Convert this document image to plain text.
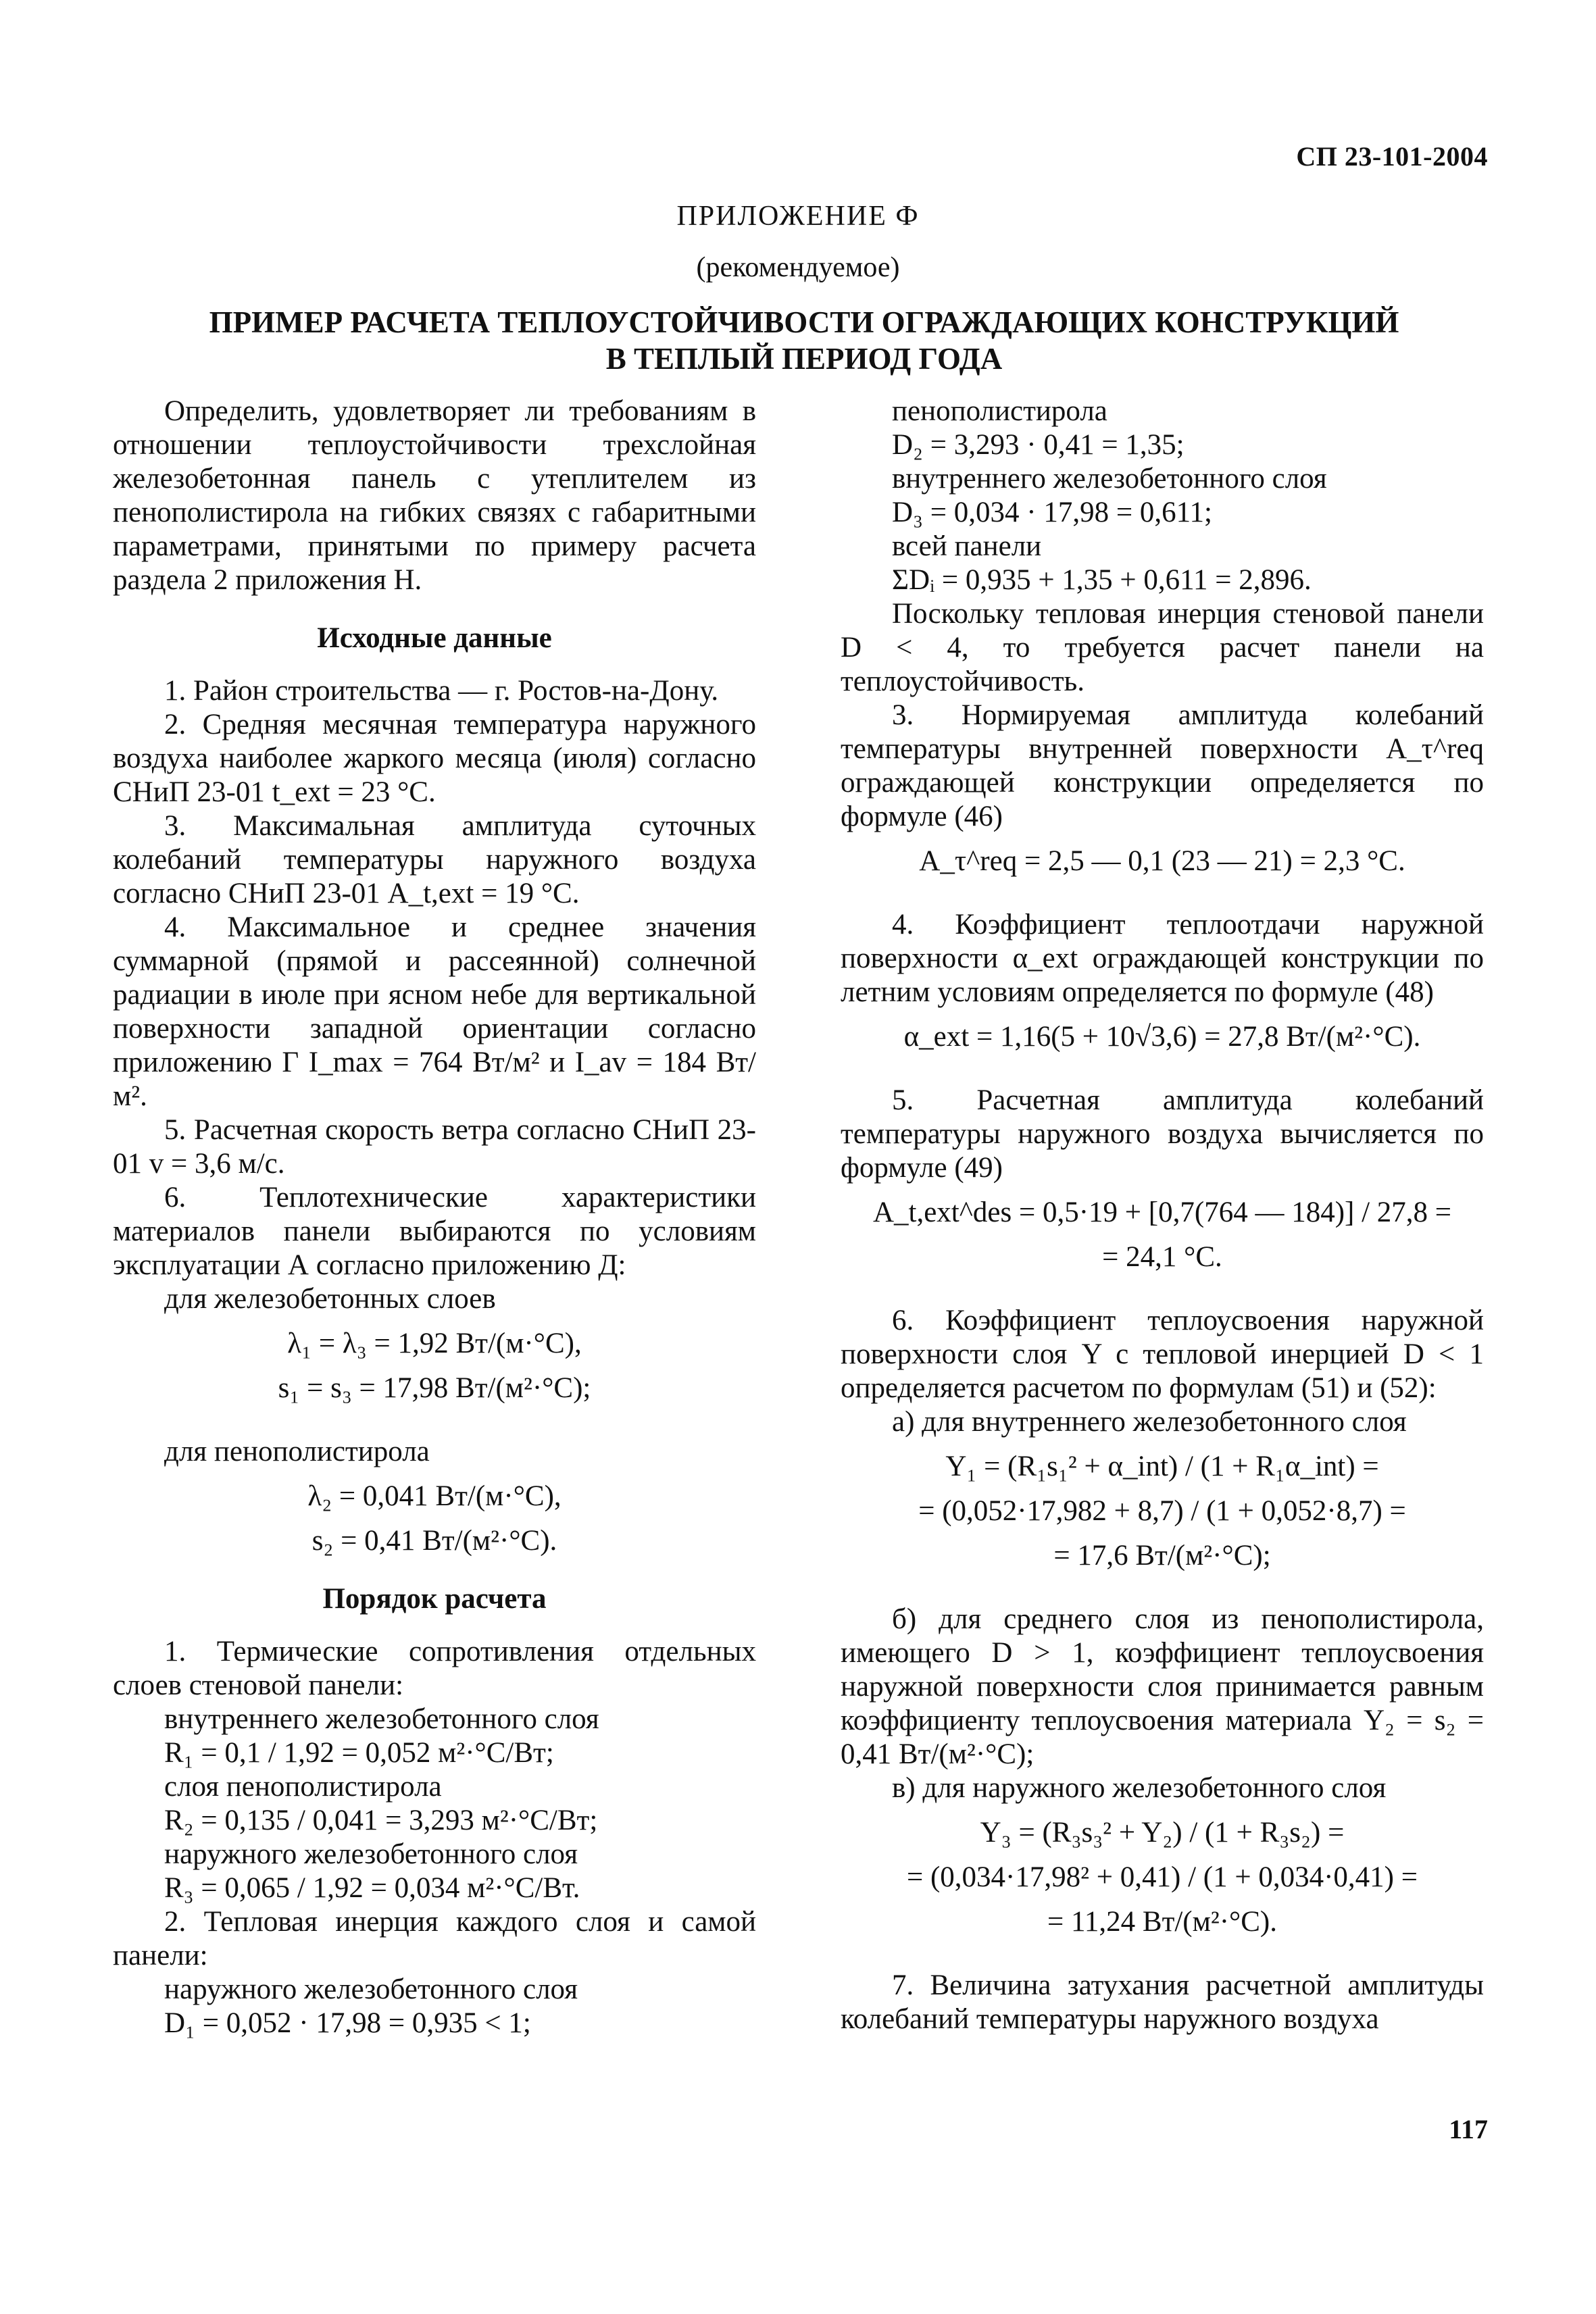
СП 23-101-2004
ПРИЛОЖЕНИЕ Ф
(рекомендуемое)
ПРИМЕР РАСЧЕТА ТЕПЛОУСТОЙЧИВОСТИ ОГРАЖДАЮЩИХ КОНСТРУКЦИЙ
В ТЕПЛЫЙ ПЕРИОД ГОДА

Определить, удовлетворяет ли требованиям в отношении теплоустойчивости трехслойная железобетонная панель с утеплителем из пенополистирола на гибких связях с габаритными параметрами, принятыми по примеру расчета раздела 2 приложения Н.

Исходные данные

1. Район строительства — г. Ростов-на-Дону.

2. Средняя месячная температура наружного воздуха наиболее жаркого месяца (июля) согласно СНиП 23-01 t_ext = 23 °С.

3. Максимальная амплитуда суточных колебаний температуры наружного воздуха согласно СНиП 23-01 A_t,ext = 19 °С.

4. Максимальное и среднее значения суммарной (прямой и рассеянной) солнечной радиации в июле при ясном небе для вертикальной поверхности западной ориентации согласно приложению Г I_max = 764 Вт/м² и I_av = 184 Вт/м².

5. Расчетная скорость ветра согласно СНиП 23-01 v = 3,6 м/с.

6. Теплотехнические характеристики материалов панели выбираются по условиям эксплуатации А согласно приложению Д:

для железобетонных слоев

λ₁ = λ₃ = 1,92 Вт/(м·°С),

s₁ = s₃ = 17,98 Вт/(м²·°С);

для пенополистирола

λ₂ = 0,041 Вт/(м·°С),

s₂ = 0,41 Вт/(м²·°С).

Порядок расчета

1. Термические сопротивления отдельных слоев стеновой панели:

внутреннего железобетонного слоя

R₁ = 0,1 / 1,92 = 0,052 м²·°С/Вт;

слоя пенополистирола

R₂ = 0,135 / 0,041 = 3,293 м²·°С/Вт;

наружного железобетонного слоя

R₃ = 0,065 / 1,92 = 0,034 м²·°С/Вт.

2. Тепловая инерция каждого слоя и самой панели:

наружного железобетонного слоя

D₁ = 0,052 · 17,98 = 0,935 < 1;

пенополистирола

D₂ = 3,293 · 0,41 = 1,35;

внутреннего железобетонного слоя

D₃ = 0,034 · 17,98 = 0,611;

всей панели

ΣDᵢ = 0,935 + 1,35 + 0,611 = 2,896.

Поскольку тепловая инерция стеновой панели D < 4, то требуется расчет панели на теплоустойчивость.

3. Нормируемая амплитуда колебаний температуры внутренней поверхности A_τ^req ограждающей конструкции определяется по формуле (46)

A_τ^req = 2,5 — 0,1 (23 — 21) = 2,3 °С.

4. Коэффициент теплоотдачи наружной поверхности α_ext ограждающей конструкции по летним условиям определяется по формуле (48)

α_ext = 1,16(5 + 10√3,6) = 27,8 Вт/(м²·°С).

5. Расчетная амплитуда колебаний температуры наружного воздуха вычисляется по формуле (49)

A_t,ext^des = 0,5·19 + [0,7(764 — 184)] / 27,8 =

= 24,1 °С.

6. Коэффициент теплоусвоения наружной поверхности слоя Y с тепловой инерцией D < 1 определяется расчетом по формулам (51) и (52):

а) для внутреннего железобетонного слоя

Y₁ = (R₁s₁² + α_int) / (1 + R₁α_int) =

= (0,052·17,982 + 8,7) / (1 + 0,052·8,7) =

= 17,6 Вт/(м²·°С);

б) для среднего слоя из пенополистирола, имеющего D > 1, коэффициент теплоусвоения наружной поверхности слоя принимается равным коэффициенту теплоусвоения материала Y₂ = s₂ = 0,41 Вт/(м²·°С);

в) для наружного железобетонного слоя

Y₃ = (R₃s₃² + Y₂) / (1 + R₃s₂) =

= (0,034·17,98² + 0,41) / (1 + 0,034·0,41) =

= 11,24 Вт/(м²·°С).

7. Величина затухания расчетной амплитуды колебаний температуры наружного воздуха

117
